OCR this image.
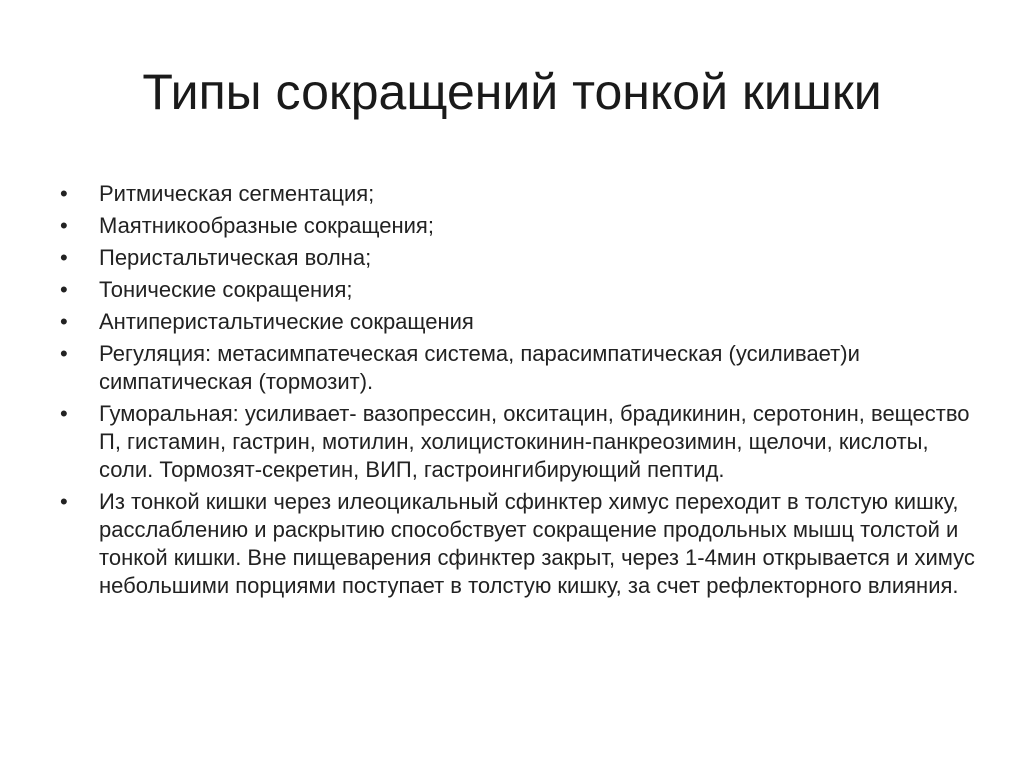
Типы сокращений тонкой кишки
•	Ритмическая сегментация;
•	Маятникообразные сокращения;
•	Перистальтическая волна;
•	Тонические сокращения;
•	Антиперистальтические сокращения
•	Регуляция: метасимпатеческая система, парасимпатическая (усиливает)и симпатическая (тормозит).
•	Гуморальная: усиливает- вазопрессин, окситацин, брадикинин, серотонин, вещество П, гистамин, гастрин, мотилин, холицистокинин-панкреозимин, щелочи, кислоты, соли. Тормозят-секретин, ВИП, гастроингибирующий пептид.
•	Из тонкой кишки через илеоцикальный сфинктер химус переходит в толстую кишку, расслаблению и раскрытию способствует сокращение продольных мышц толстой и тонкой кишки. Вне пищеварения сфинктер закрыт, через 1-4мин открывается и химус небольшими порциями поступает в толстую кишку, за счет рефлекторного влияния.
